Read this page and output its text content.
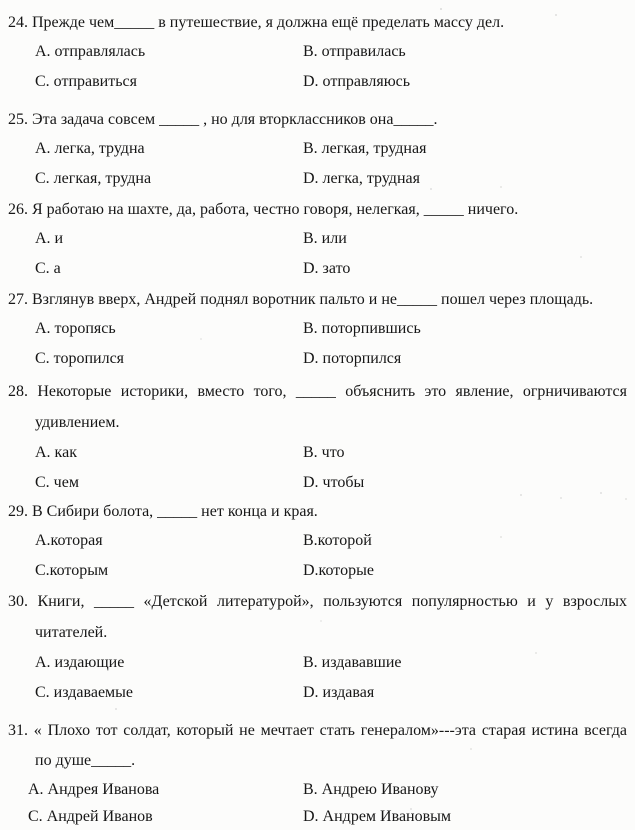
24. Прежде чем_____ в путешествие, я должна ещё пределать массу дел.
A. отправлялась	B. отправилась
C. отправиться	D. отправляюсь
25. Эта задача совсем _____ , но для вторклассников она_____.
A. легка, трудна	B. легкая, трудная
C. легкая, трудна	D. легка, трудная
26. Я работаю на шахте, да, работа, честно говоря, нелегкая, _____ ничего.
A. и	B. или
C. а	D. зато
27. Взглянув вверх, Андрей поднял воротник пальто и не_____ пошел через площадь.
A. торопясь	B. поторпившись
C. торопился	D. поторпился
28. Некоторые историки, вместо того, _____ объяснить это явление, огрничиваются
удивлением.
A. как	B. что
C. чем	D. чтобы
29. В Сибири болота, _____ нет конца и края.
A.которая	B.которой
C.которым	D.которые
30. Книги, _____ «Детской литературой», пользуются популярностью и у взрослых
читателей.
A. издающие	B. издававшие
C. издаваемые	D. издавая
31. « Плохо тот солдат, который не мечтает стать генералом»---эта старая истина всегда
по душе_____.
A. Андрея Иванова	B. Андрею Иванову
C. Андрей Иванов	D. Андрем Ивановым
